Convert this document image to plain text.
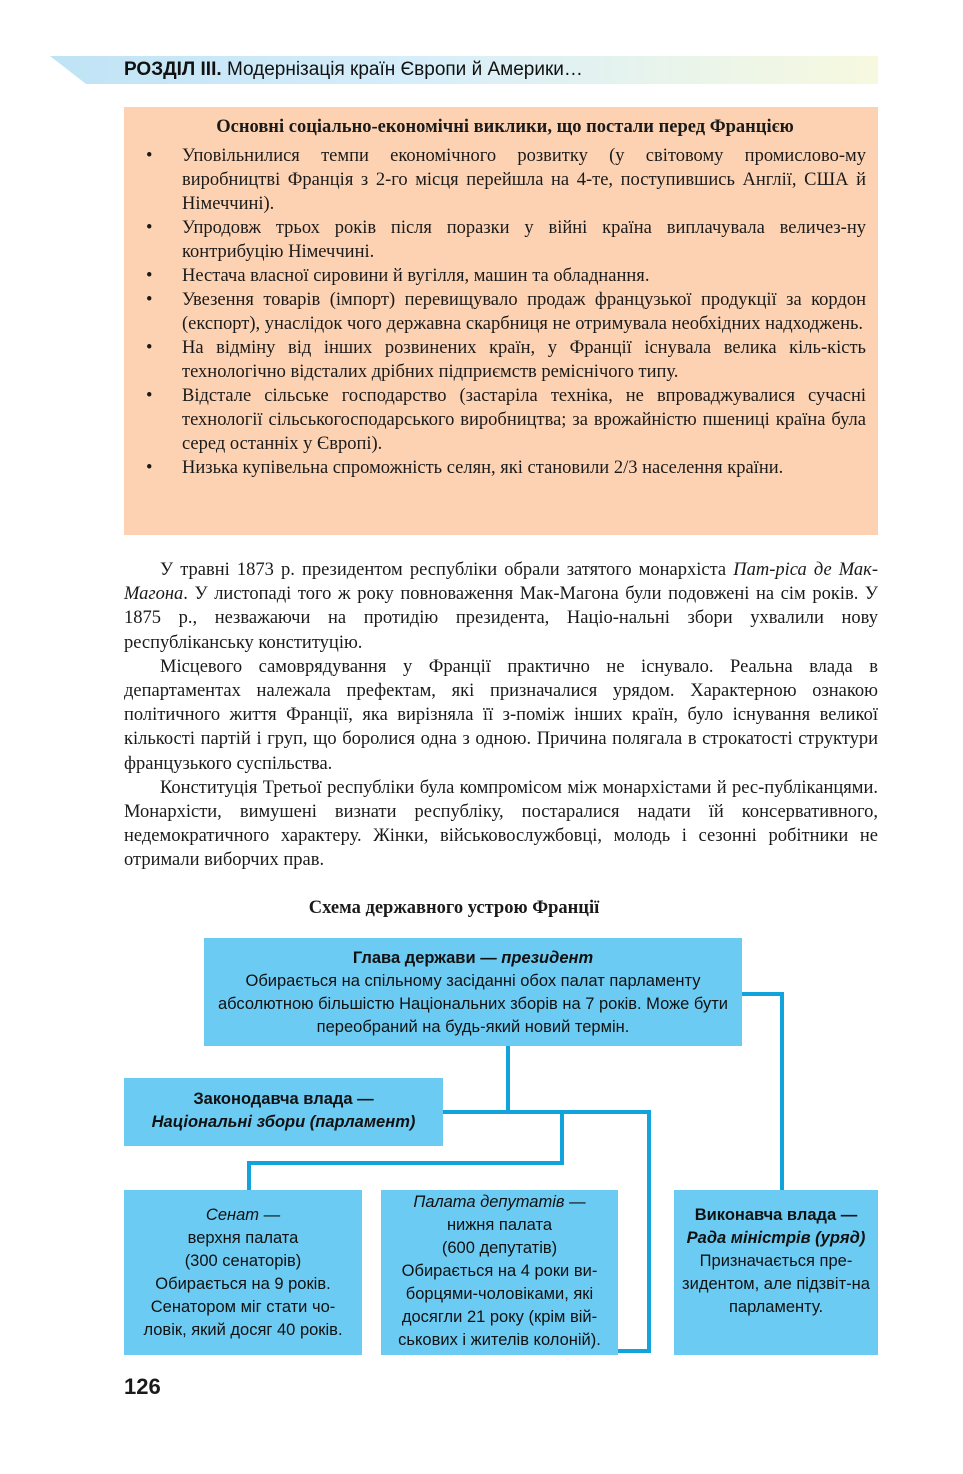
РОЗДІЛ III. Модернізація країн Європи й Америки…
Основні соціально-економічні виклики, що постали перед Францією
• Уповільнилися темпи економічного розвитку (у світовому промислово-му виробництві Франція з 2-го місця перейшла на 4-те, поступившись Англії, США й Німеччині).
• Упродовж трьох років після поразки у війні країна виплачувала величез-ну контрибуцію Німеччині.
• Нестача власної сировини й вугілля, машин та обладнання.
• Увезення товарів (імпорт) перевищувало продаж французької продукції за кордон (експорт), унаслідок чого державна скарбниця не отримувала необхідних надходжень.
• На відміну від інших розвинених країн, у Франції існувала велика кіль-кість технологічно відсталих дрібних підприємств реміснічого типу.
• Відстале сільське господарство (застаріла техніка, не впроваджувалися сучасні технології сільськогосподарського виробництва; за врожайністю пшениці країна була серед останніх у Європі).
• Низька купівельна спроможність селян, які становили 2/3 населення країни.

У травні 1873 р. президентом республіки обрали затятого монархіста Пат-ріса де Мак-Магона. У листопаді того ж року повноваження Мак-Магона були подовжені на сім років. У 1875 р., незважаючи на протидію президента, Націо-нальні збори ухвалили нову республіканську конституцію.

Місцевого самоврядування у Франції практично не існувало. Реальна влада в департаментах належала префектам, які призначалися урядом. Характерною ознакою політичного життя Франції, яка вирізняла її з-поміж інших країн, було існування великої кількості партій і груп, що боролися одна з одною. Причина полягала в строкатості структури французького суспільства.

Конституція Третьої республіки була компромісом між монархістами й рес-публіканцями. Монархісти, вимушені визнати республіку, постаралися надати їй консервативного, недемократичного характеру. Жінки, військовослужбовці, молодь і сезонні робітники не отримали виборчих прав.

Схема державного устрою Франції
Глава держави — президент
Обирається на спільному засіданні обох палат парламенту абсолютною більшістю Національних зборів на 7 років. Може бути переобраний на будь-який новий термін.
Законодавча влада —
Національні збори (парламент)
Сенат —
верхня палата
(300 сенаторів)
Обирається на 9 років.
Сенатором міг стати чо-ловік, який досяг 40 років.
Палата депутатів —
нижня палата
(600 депутатів)
Обирається на 4 роки ви-борцями-чоловіками, які досягли 21 року (крім вій-ськових і жителів колоній).
Виконавча влада —
Рада міністрів (уряд)
Призначається пре-зидентом, але підзвіт-на парламенту.
126
